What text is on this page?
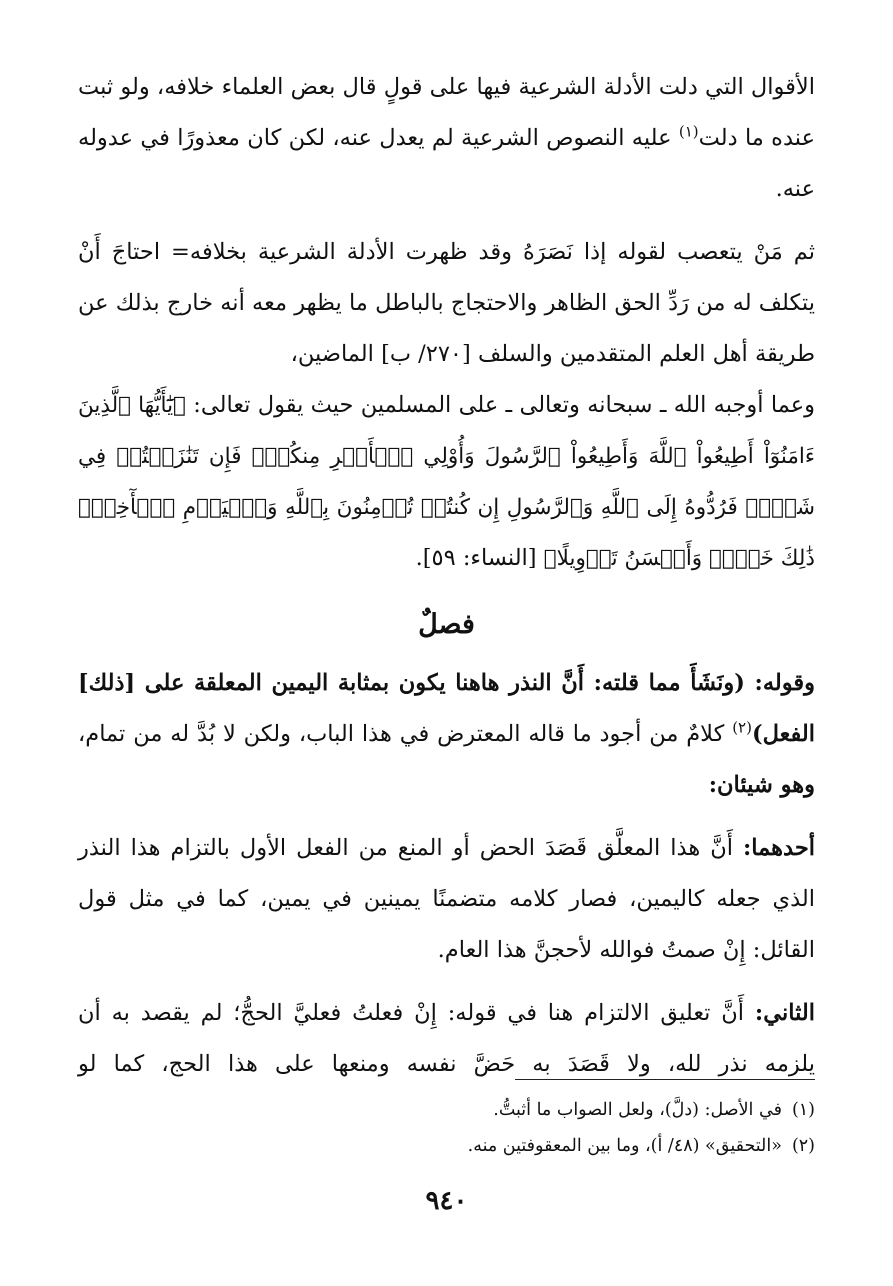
الأقوال التي دلت الأدلة الشرعية فيها على قولٍ قال بعض العلماء خلافه، ولو ثبت عنده ما دلت$^{(١)}$ عليه النصوص الشرعية لم يعدل عنه، لكن كان معذورًا في عدوله عنه.

ثم مَنْ يتعصب لقوله إذا نَصَرَهُ وقد ظهرت الأدلة الشرعية بخلافه= احتاجَ أَنْ يتكلف له من رَدِّ الحق الظاهر والاحتجاج بالباطل ما يظهر معه أنه خارج بذلك عن طريقة أهل العلم المتقدمين والسلف [٢٧٠/ ب] الماضين،

وعما أوجبه الله ـ سبحانه وتعالى ـ على المسلمين حيث يقول تعالى: ﴿يَٰٓأَيُّهَا ٱلَّذِينَ ءَامَنُوٓاْ أَطِيعُواْ ٱللَّهَ وَأَطِيعُواْ ٱلرَّسُولَ وَأُوْلِي ٱلۡأَمۡرِ مِنكُمۡۖ فَإِن تَنَٰزَعۡتُمۡ فِي شَيۡءٖ فَرُدُّوهُ إِلَى ٱللَّهِ وَٱلرَّسُولِ إِن كُنتُمۡ تُؤۡمِنُونَ بِٱللَّهِ وَٱلۡيَوۡمِ ٱلۡأٓخِرِۚ ذَٰلِكَ خَيۡرٞ وَأَحۡسَنُ تَأۡوِيلًا﴾ [النساء: ٥٩].

فصلٌ

وقوله: (ونَشَأَ مما قلته: أَنَّ النذر هاهنا يكون بمثابة اليمين المعلقة على [ذلك] الفعل)$^{(٢)}$ كلامٌ من أجود ما قاله المعترض في هذا الباب، ولكن لا بُدَّ له من تمام، وهو شيئان:

أحدهما: أَنَّ هذا المعلَّق قَصَدَ الحض أو المنع من الفعل الأول بالتزام هذا النذر الذي جعله كاليمين، فصار كلامه متضمنًا يمينين في يمين، كما في مثل قول القائل: إِنْ صمتُ فوالله لأحجنَّ هذا العام.

الثاني: أَنَّ تعليق الالتزام هنا في قوله: إِنْ فعلتُ فعليَّ الحجُّ؛ لم يقصد به أن يلزمه نذر لله، ولا قَصَدَ به حَضَّ نفسه ومنعها على هذا الحج، كما لو

(١)في الأصل: (دلَّ)، ولعل الصواب ما أثبتُّ.
(٢)«التحقيق» (٤٨/ أ)، وما بين المعقوفتين منه.
٩٤٠
